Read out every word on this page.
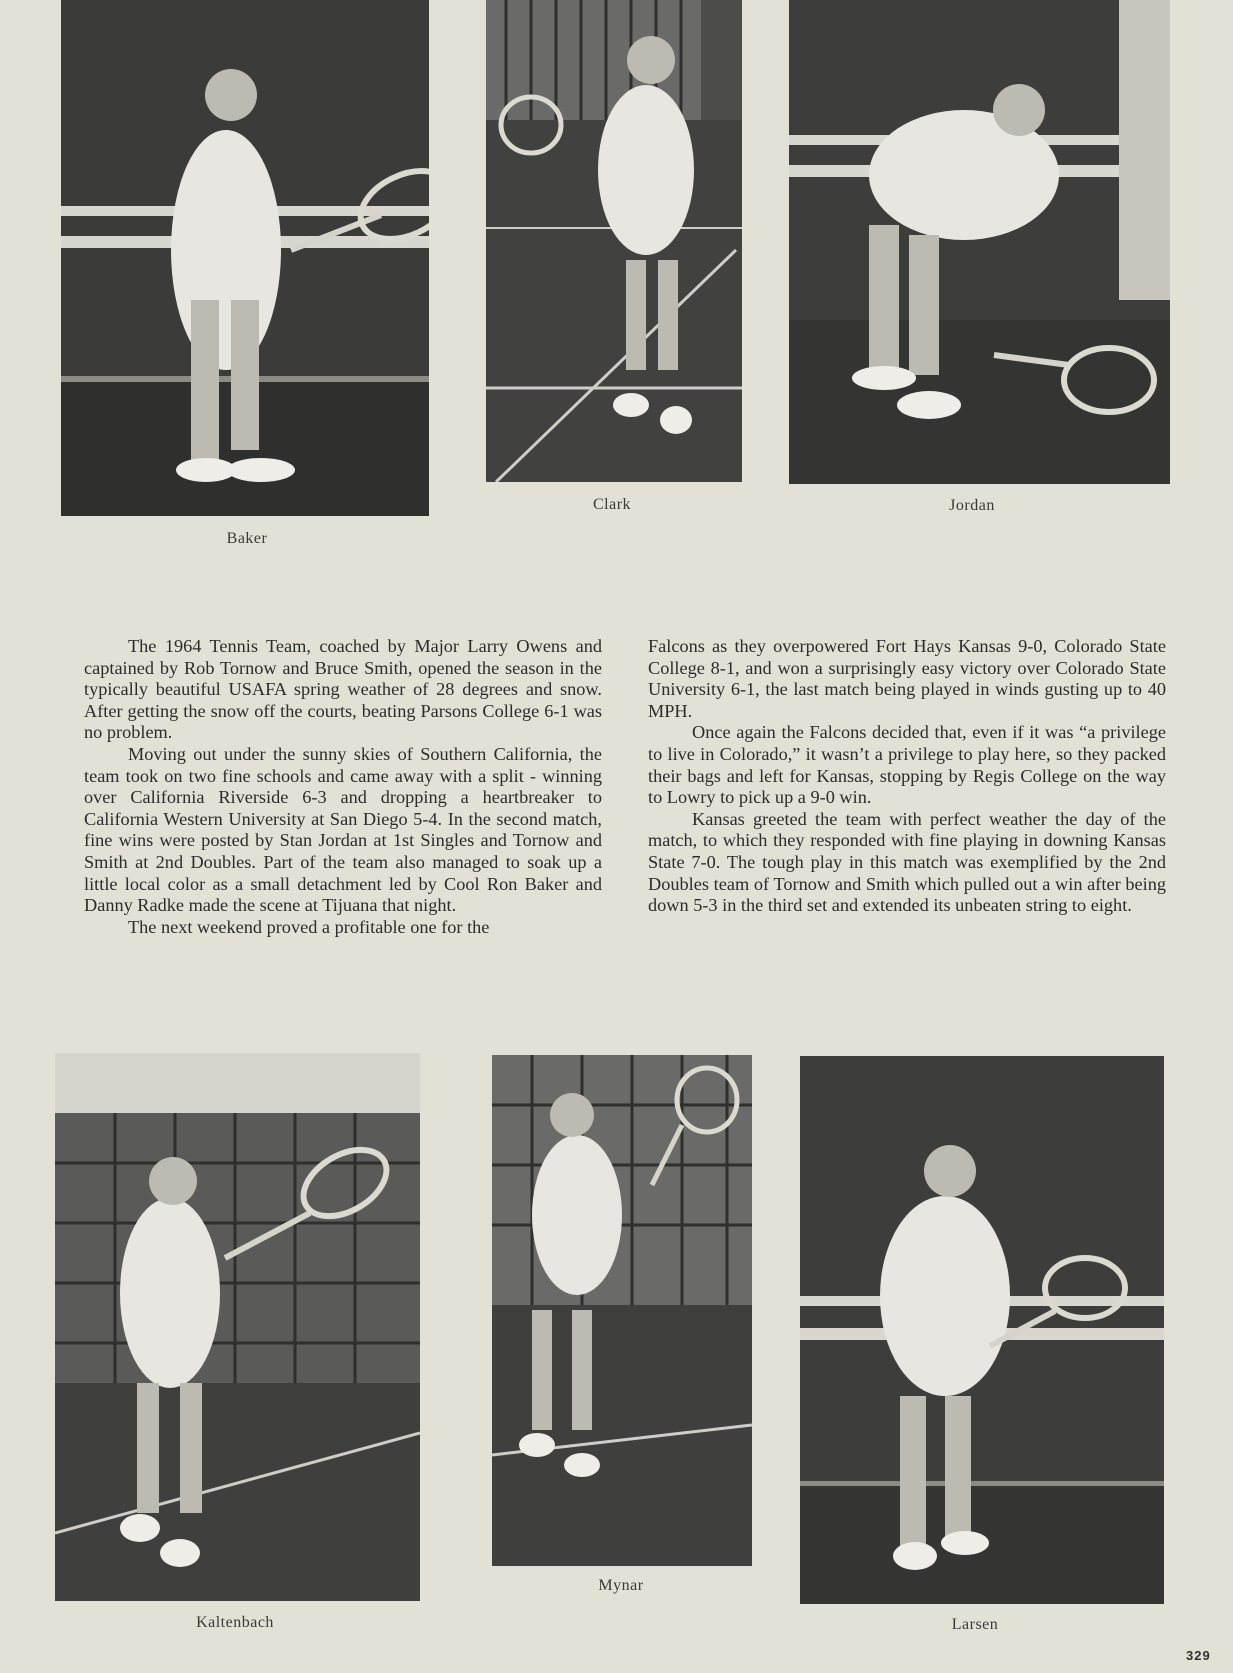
Baker
Clark	Jordan

The 1964 Tennis Team, coached by Major Larry Owens and captained by Rob Tornow and Bruce Smith, opened the season in the typically beautiful USAFA spring weather of 28 degrees and snow. After getting the snow off the courts, beating Parsons College 6-1 was no problem.

Moving out under the sunny skies of Southern California, the team took on two fine schools and came away with a split - winning over California Riverside 6-3 and dropping a heartbreaker to California Western University at San Diego 5-4. In the second match, fine wins were posted by Stan Jordan at 1st Singles and Tornow and Smith at 2nd Doubles. Part of the team also managed to soak up a little local color as a small detachment led by Cool Ron Baker and Danny Radke made the scene at Tijuana that night.

The next weekend proved a profitable one for the

Falcons as they overpowered Fort Hays Kansas 9-0, Colorado State College 8-1, and won a surprisingly easy victory over Colorado State University 6-1, the last match being played in winds gusting up to 40 MPH.

Once again the Falcons decided that, even if it was “a privilege to live in Colorado,” it wasn’t a privilege to play here, so they packed their bags and left for Kansas, stopping by Regis College on the way to Lowry to pick up a 9-0 win.

Kansas greeted the team with perfect weather the day of the match, to which they responded with fine playing in downing Kansas State 7-0. The tough play in this match was exemplified by the 2nd Doubles team of Tornow and Smith which pulled out a win after being down 5-3 in the third set and extended its unbeaten string to eight.

Kaltenbach
Mynar
Larsen
329
